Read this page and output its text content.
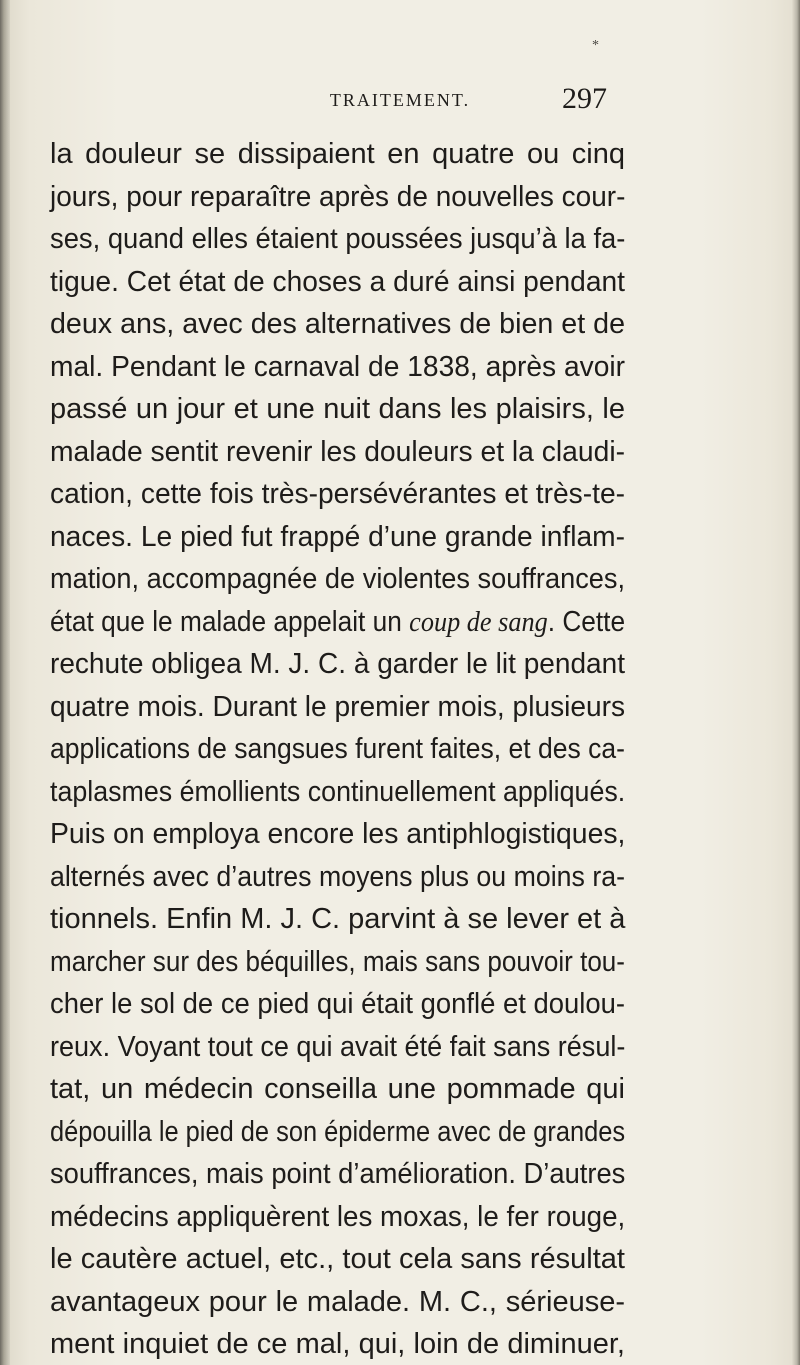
*
TRAITEMENT.	297
la douleur se dissipaient en quatre ou cinq
jours, pour reparaître après de nouvelles cour-
ses, quand elles étaient poussées jusqu’à la fa-
tigue. Cet état de choses a duré ainsi pendant
deux ans, avec des alternatives de bien et de
mal. Pendant le carnaval de 1838, après avoir
passé un jour et une nuit dans les plaisirs, le
malade sentit revenir les douleurs et la claudi-
cation, cette fois très-persévérantes et très-te-
naces. Le pied fut frappé d’une grande inflam-
mation, accompagnée de violentes souffrances,
état que le malade appelait un coup de sang. Cette
rechute obligea M. J. C. à garder le lit pendant
quatre mois. Durant le premier mois, plusieurs
applications de sangsues furent faites, et des ca-
taplasmes émollients continuellement appliqués.
Puis on employa encore les antiphlogistiques,
alternés avec d’autres moyens plus ou moins ra-
tionnels. Enfin M. J. C. parvint à se lever et à
marcher sur des béquilles, mais sans pouvoir tou-
cher le sol de ce pied qui était gonflé et doulou-
reux. Voyant tout ce qui avait été fait sans résul-
tat, un médecin conseilla une pommade qui
dépouilla le pied de son épiderme avec de grandes
souffrances, mais point d’amélioration. D’autres
médecins appliquèrent les moxas, le fer rouge,
le cautère actuel, etc., tout cela sans résultat
avantageux pour le malade. M. C., sérieuse-
ment inquiet de ce mal, qui, loin de diminuer,
